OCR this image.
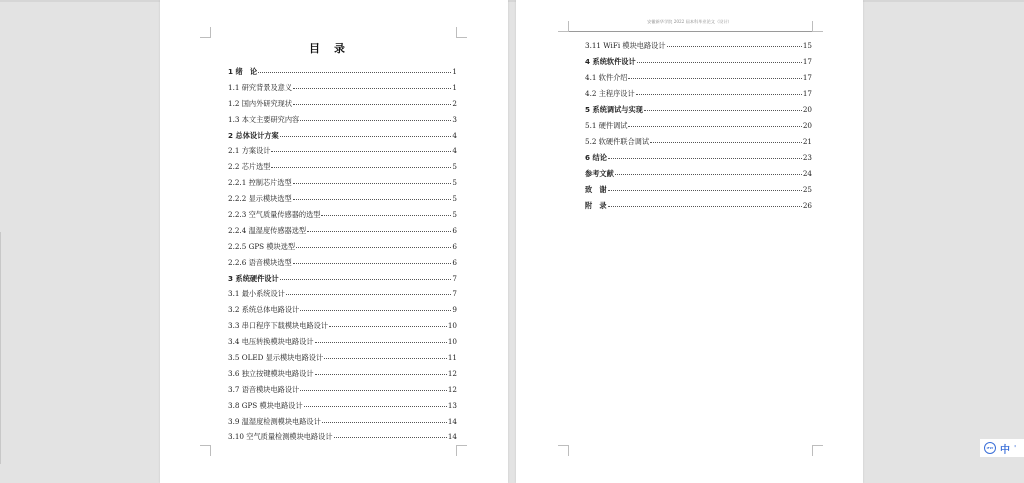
目录
1 绪　论	1
1.1 研究背景及意义	1
1.2 国内外研究现状	2
1.3 本文主要研究内容	3
2 总体设计方案	4
2.1 方案设计	4
2.2 芯片选型	5
2.2.1 控制芯片选型	5
2.2.2 显示模块选型	5
2.2.3 空气质量传感器的选型	5
2.2.4 温湿度传感器选型	6
2.2.5 GPS 模块选型	6
2.2.6 语音模块选型	6
3 系统硬件设计	7
3.1 最小系统设计	7
3.2 系统总体电路设计	9
3.3 串口程序下载模块电路设计	10
3.4 电压转换模块电路设计	10
3.5 OLED 显示模块电路设计	11
3.6 独立按键模块电路设计	12
3.7 语音模块电路设计	12
3.8 GPS 模块电路设计	13
3.9 温湿度检测模块电路设计	14
3.10 空气质量检测模块电路设计	14
安徽新华学院 2022 届本科毕业论文（设计）
3.11 WiFi 模块电路设计	15
4 系统软件设计	17
4.1 软件介绍	17
4.2 主程序设计	17
5 系统调试与实现	20
5.1 硬件调试	20
5.2 软硬件联合调试	21
6 结论	23
参考文献	24
致　谢	25
附　录	26
iFLY 中 '
